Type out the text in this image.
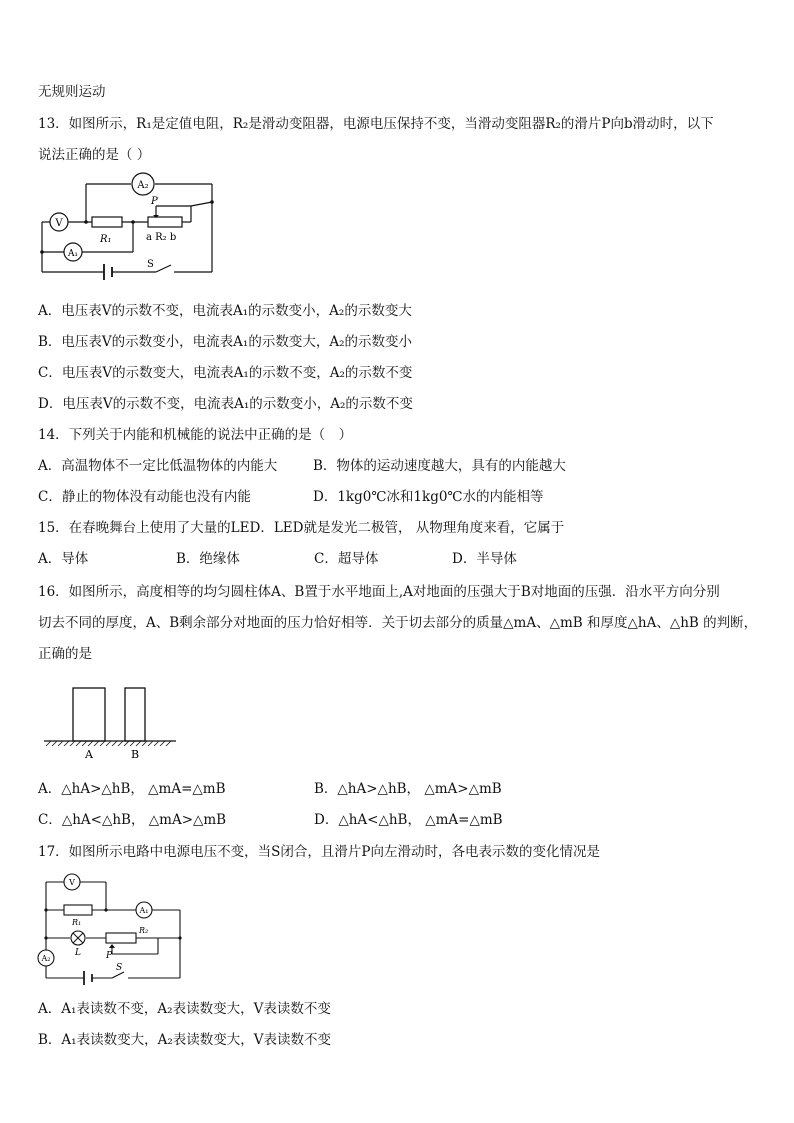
无规则运动
13．如图所示，R₁是定值电阻，R₂是滑动变阻器，电源电压保持不变，当滑动变阻器R₂的滑片P向b滑动时，以下
说法正确的是（ ）
A₂
V
A₁
R₁
P
a R₂ b
S
A．电压表V的示数不变，电流表A₁的示数变小，A₂的示数变大
B．电压表V的示数变小，电流表A₁的示数变大，A₂的示数变小
C．电压表V的示数变大，电流表A₁的示数不变，A₂的示数不变
D．电压表V的示数不变，电流表A₁的示数变小，A₂的示数不变
14．下列关于内能和机械能的说法中正确的是（　）
A．高温物体不一定比低温物体的内能大	B．物体的运动速度越大，具有的内能越大
C．静止的物体没有动能也没有内能	D．1kg0℃冰和1kg0℃水的内能相等
15．在春晚舞台上使用了大量的LED．LED就是发光二极管， 从物理角度来看，它属于
A．导体	B．绝缘体	C．超导体	D．半导体
16．如图所示，高度相等的均匀圆柱体A、B置于水平地面上,A对地面的压强大于B对地面的压强．沿水平方向分别
切去不同的厚度，A、B剩余部分对地面的压力恰好相等．关于切去部分的质量△mA、△mB 和厚度△hA、△hB 的判断，
正确的是
A	B
A．△hA>△hB， △mA=△mB	B．△hA>△hB， △mA>△mB
C．△hA<△hB， △mA>△mB	D．△hA<△hB， △mA=△mB
17．如图所示电路中电源电压不变，当S闭合，且滑片P向左滑动时，各电表示数的变化情况是
V
A₁
A₂
R₁
L	P
R₂
S
A．A₁表读数不变，A₂表读数变大，V表读数不变
B．A₁表读数变大，A₂表读数变大，V表读数不变
